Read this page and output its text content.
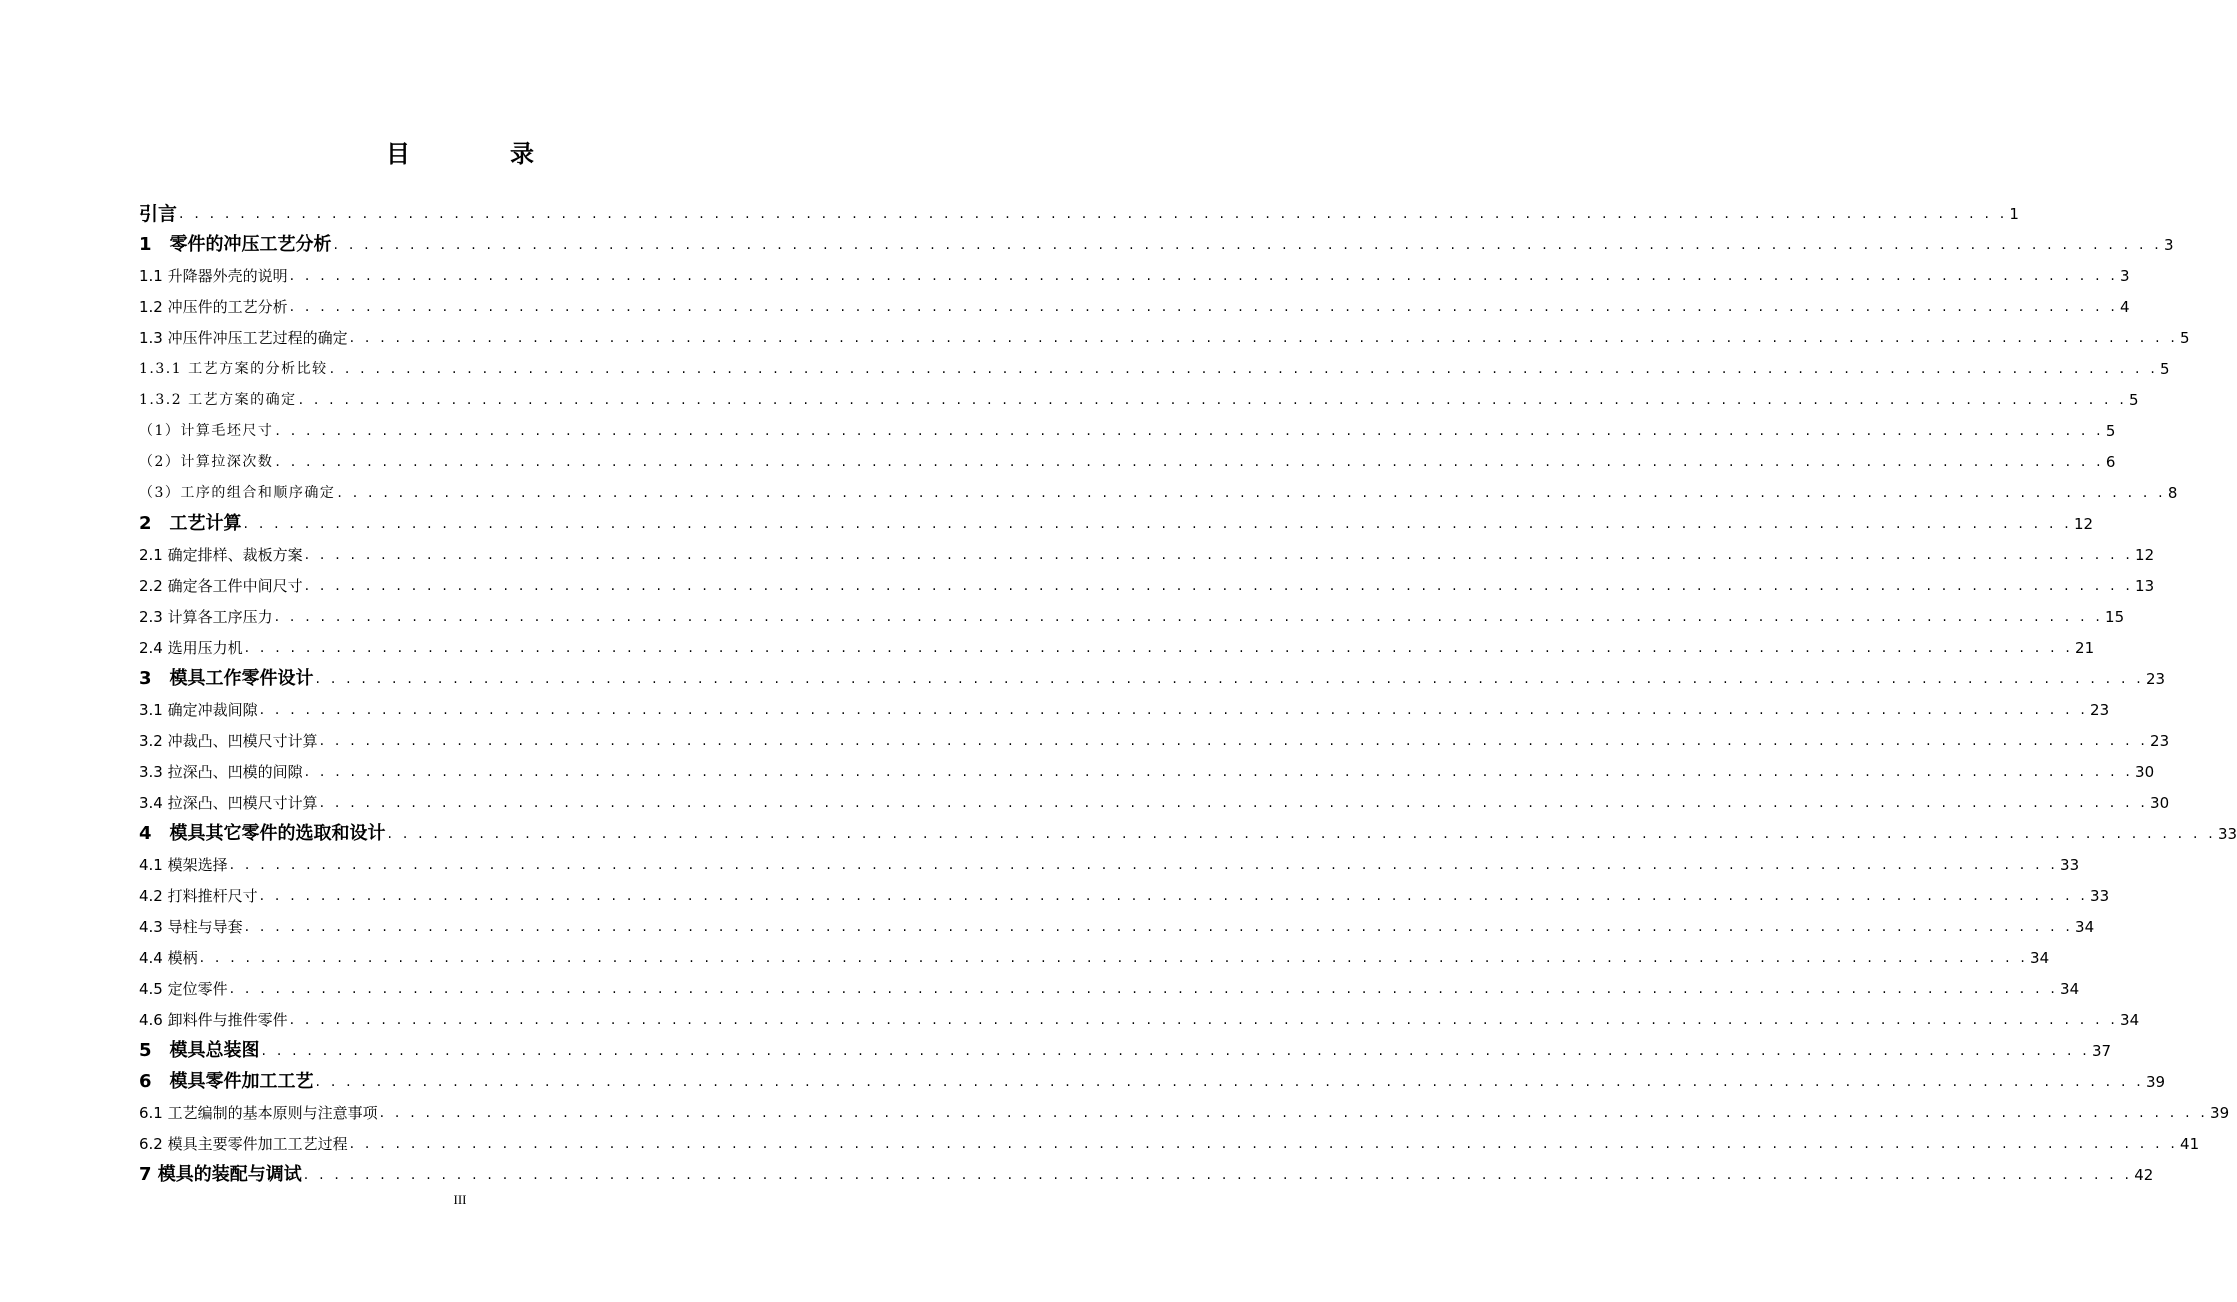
目　录
引言 . . . . . . . . . . . . . . . . . . . . . . . . . . . . . . . . . . . . . . . . . . . . . . . . . . . . . . . . . . . . . . . . . . . . . . . . . . . . . . . . . . . . . . . . . . . . . . . . . . . . . . . . . . . . . . . . . . . . . . . . 1
1　零件的冲压工艺分析 . . . . . . . . . . . . . . . . . . . . . . . . . . . . . . . . . . . . . . . . . . . . . . . . . . . . . . . . . . . . . . . . . . . . . . . . . . . . . . . . . . . . . . . . . . . . . . . . . . . . . . . . . . . . . . . . . . . . . . . . 3
1.1 升降器外壳的说明 . . . . . . . . . . . . . . . . . . . . . . . . . . . . . . . . . . . . . . . . . . . . . . . . . . . . . . . . . . . . . . . . . . . . . . . . . . . . . . . . . . . . . . . . . . . . . . . . . . . . . . . . . . . . . . . . . . . . . . . . 3
1.2 冲压件的工艺分析 . . . . . . . . . . . . . . . . . . . . . . . . . . . . . . . . . . . . . . . . . . . . . . . . . . . . . . . . . . . . . . . . . . . . . . . . . . . . . . . . . . . . . . . . . . . . . . . . . . . . . . . . . . . . . . . . . . . . . . . . 4
1.3 冲压件冲压工艺过程的确定 . . . . . . . . . . . . . . . . . . . . . . . . . . . . . . . . . . . . . . . . . . . . . . . . . . . . . . . . . . . . . . . . . . . . . . . . . . . . . . . . . . . . . . . . . . . . . . . . . . . . . . . . . . . . . . . . . . . . . . . . 5
1.3.1 工艺方案的分析比较 . . . . . . . . . . . . . . . . . . . . . . . . . . . . . . . . . . . . . . . . . . . . . . . . . . . . . . . . . . . . . . . . . . . . . . . . . . . . . . . . . . . . . . . . . . . . . . . . . . . . . . . . . . . . . . . . . . . . . . . . 5
1.3.2 工艺方案的确定 . . . . . . . . . . . . . . . . . . . . . . . . . . . . . . . . . . . . . . . . . . . . . . . . . . . . . . . . . . . . . . . . . . . . . . . . . . . . . . . . . . . . . . . . . . . . . . . . . . . . . . . . . . . . . . . . . . . . . . . . 5
（1）计算毛坯尺寸 . . . . . . . . . . . . . . . . . . . . . . . . . . . . . . . . . . . . . . . . . . . . . . . . . . . . . . . . . . . . . . . . . . . . . . . . . . . . . . . . . . . . . . . . . . . . . . . . . . . . . . . . . . . . . . . . . . . . . . . . 5
（2）计算拉深次数 . . . . . . . . . . . . . . . . . . . . . . . . . . . . . . . . . . . . . . . . . . . . . . . . . . . . . . . . . . . . . . . . . . . . . . . . . . . . . . . . . . . . . . . . . . . . . . . . . . . . . . . . . . . . . . . . . . . . . . . . 6
（3）工序的组合和顺序确定 . . . . . . . . . . . . . . . . . . . . . . . . . . . . . . . . . . . . . . . . . . . . . . . . . . . . . . . . . . . . . . . . . . . . . . . . . . . . . . . . . . . . . . . . . . . . . . . . . . . . . . . . . . . . . . . . . . . . . . . . 8
2　工艺计算 . . . . . . . . . . . . . . . . . . . . . . . . . . . . . . . . . . . . . . . . . . . . . . . . . . . . . . . . . . . . . . . . . . . . . . . . . . . . . . . . . . . . . . . . . . . . . . . . . . . . . . . . . . . . . . . . . . . . . . . . 12
2.1 确定排样、裁板方案 . . . . . . . . . . . . . . . . . . . . . . . . . . . . . . . . . . . . . . . . . . . . . . . . . . . . . . . . . . . . . . . . . . . . . . . . . . . . . . . . . . . . . . . . . . . . . . . . . . . . . . . . . . . . . . . . . . . . . . . . 12
2.2 确定各工件中间尺寸 . . . . . . . . . . . . . . . . . . . . . . . . . . . . . . . . . . . . . . . . . . . . . . . . . . . . . . . . . . . . . . . . . . . . . . . . . . . . . . . . . . . . . . . . . . . . . . . . . . . . . . . . . . . . . . . . . . . . . . . . 13
2.3 计算各工序压力 . . . . . . . . . . . . . . . . . . . . . . . . . . . . . . . . . . . . . . . . . . . . . . . . . . . . . . . . . . . . . . . . . . . . . . . . . . . . . . . . . . . . . . . . . . . . . . . . . . . . . . . . . . . . . . . . . . . . . . . . 15
2.4 选用压力机 . . . . . . . . . . . . . . . . . . . . . . . . . . . . . . . . . . . . . . . . . . . . . . . . . . . . . . . . . . . . . . . . . . . . . . . . . . . . . . . . . . . . . . . . . . . . . . . . . . . . . . . . . . . . . . . . . . . . . . . . 21
3　模具工作零件设计 . . . . . . . . . . . . . . . . . . . . . . . . . . . . . . . . . . . . . . . . . . . . . . . . . . . . . . . . . . . . . . . . . . . . . . . . . . . . . . . . . . . . . . . . . . . . . . . . . . . . . . . . . . . . . . . . . . . . . . . . 23
3.1 确定冲裁间隙 . . . . . . . . . . . . . . . . . . . . . . . . . . . . . . . . . . . . . . . . . . . . . . . . . . . . . . . . . . . . . . . . . . . . . . . . . . . . . . . . . . . . . . . . . . . . . . . . . . . . . . . . . . . . . . . . . . . . . . . . 23
3.2 冲裁凸、凹模尺寸计算 . . . . . . . . . . . . . . . . . . . . . . . . . . . . . . . . . . . . . . . . . . . . . . . . . . . . . . . . . . . . . . . . . . . . . . . . . . . . . . . . . . . . . . . . . . . . . . . . . . . . . . . . . . . . . . . . . . . . . . . . 23
3.3 拉深凸、凹模的间隙 . . . . . . . . . . . . . . . . . . . . . . . . . . . . . . . . . . . . . . . . . . . . . . . . . . . . . . . . . . . . . . . . . . . . . . . . . . . . . . . . . . . . . . . . . . . . . . . . . . . . . . . . . . . . . . . . . . . . . . . . 30
3.4 拉深凸、凹模尺寸计算 . . . . . . . . . . . . . . . . . . . . . . . . . . . . . . . . . . . . . . . . . . . . . . . . . . . . . . . . . . . . . . . . . . . . . . . . . . . . . . . . . . . . . . . . . . . . . . . . . . . . . . . . . . . . . . . . . . . . . . . . 30
4　模具其它零件的选取和设计 . . . . . . . . . . . . . . . . . . . . . . . . . . . . . . . . . . . . . . . . . . . . . . . . . . . . . . . . . . . . . . . . . . . . . . . . . . . . . . . . . . . . . . . . . . . . . . . . . . . . . . . . . . . . . . . . . . . . . . . . 33
4.1 模架选择 . . . . . . . . . . . . . . . . . . . . . . . . . . . . . . . . . . . . . . . . . . . . . . . . . . . . . . . . . . . . . . . . . . . . . . . . . . . . . . . . . . . . . . . . . . . . . . . . . . . . . . . . . . . . . . . . . . . . . . . . 33
4.2 打料推杆尺寸 . . . . . . . . . . . . . . . . . . . . . . . . . . . . . . . . . . . . . . . . . . . . . . . . . . . . . . . . . . . . . . . . . . . . . . . . . . . . . . . . . . . . . . . . . . . . . . . . . . . . . . . . . . . . . . . . . . . . . . . . 33
4.3 导柱与导套 . . . . . . . . . . . . . . . . . . . . . . . . . . . . . . . . . . . . . . . . . . . . . . . . . . . . . . . . . . . . . . . . . . . . . . . . . . . . . . . . . . . . . . . . . . . . . . . . . . . . . . . . . . . . . . . . . . . . . . . . 34
4.4 模柄 . . . . . . . . . . . . . . . . . . . . . . . . . . . . . . . . . . . . . . . . . . . . . . . . . . . . . . . . . . . . . . . . . . . . . . . . . . . . . . . . . . . . . . . . . . . . . . . . . . . . . . . . . . . . . . . . . . . . . . . . 34
4.5 定位零件 . . . . . . . . . . . . . . . . . . . . . . . . . . . . . . . . . . . . . . . . . . . . . . . . . . . . . . . . . . . . . . . . . . . . . . . . . . . . . . . . . . . . . . . . . . . . . . . . . . . . . . . . . . . . . . . . . . . . . . . . 34
4.6 卸料件与推件零件 . . . . . . . . . . . . . . . . . . . . . . . . . . . . . . . . . . . . . . . . . . . . . . . . . . . . . . . . . . . . . . . . . . . . . . . . . . . . . . . . . . . . . . . . . . . . . . . . . . . . . . . . . . . . . . . . . . . . . . . . 34
5　模具总装图 . . . . . . . . . . . . . . . . . . . . . . . . . . . . . . . . . . . . . . . . . . . . . . . . . . . . . . . . . . . . . . . . . . . . . . . . . . . . . . . . . . . . . . . . . . . . . . . . . . . . . . . . . . . . . . . . . . . . . . . . 37
6　模具零件加工工艺 . . . . . . . . . . . . . . . . . . . . . . . . . . . . . . . . . . . . . . . . . . . . . . . . . . . . . . . . . . . . . . . . . . . . . . . . . . . . . . . . . . . . . . . . . . . . . . . . . . . . . . . . . . . . . . . . . . . . . . . . 39
6.1 工艺编制的基本原则与注意事项 . . . . . . . . . . . . . . . . . . . . . . . . . . . . . . . . . . . . . . . . . . . . . . . . . . . . . . . . . . . . . . . . . . . . . . . . . . . . . . . . . . . . . . . . . . . . . . . . . . . . . . . . . . . . . . . . . . . . . . . . 39
6.2 模具主要零件加工工艺过程 . . . . . . . . . . . . . . . . . . . . . . . . . . . . . . . . . . . . . . . . . . . . . . . . . . . . . . . . . . . . . . . . . . . . . . . . . . . . . . . . . . . . . . . . . . . . . . . . . . . . . . . . . . . . . . . . . . . . . . . . 41
7 模具的装配与调试 . . . . . . . . . . . . . . . . . . . . . . . . . . . . . . . . . . . . . . . . . . . . . . . . . . . . . . . . . . . . . . . . . . . . . . . . . . . . . . . . . . . . . . . . . . . . . . . . . . . . . . . . . . . . . . . . . . . . . . . . 42
III
